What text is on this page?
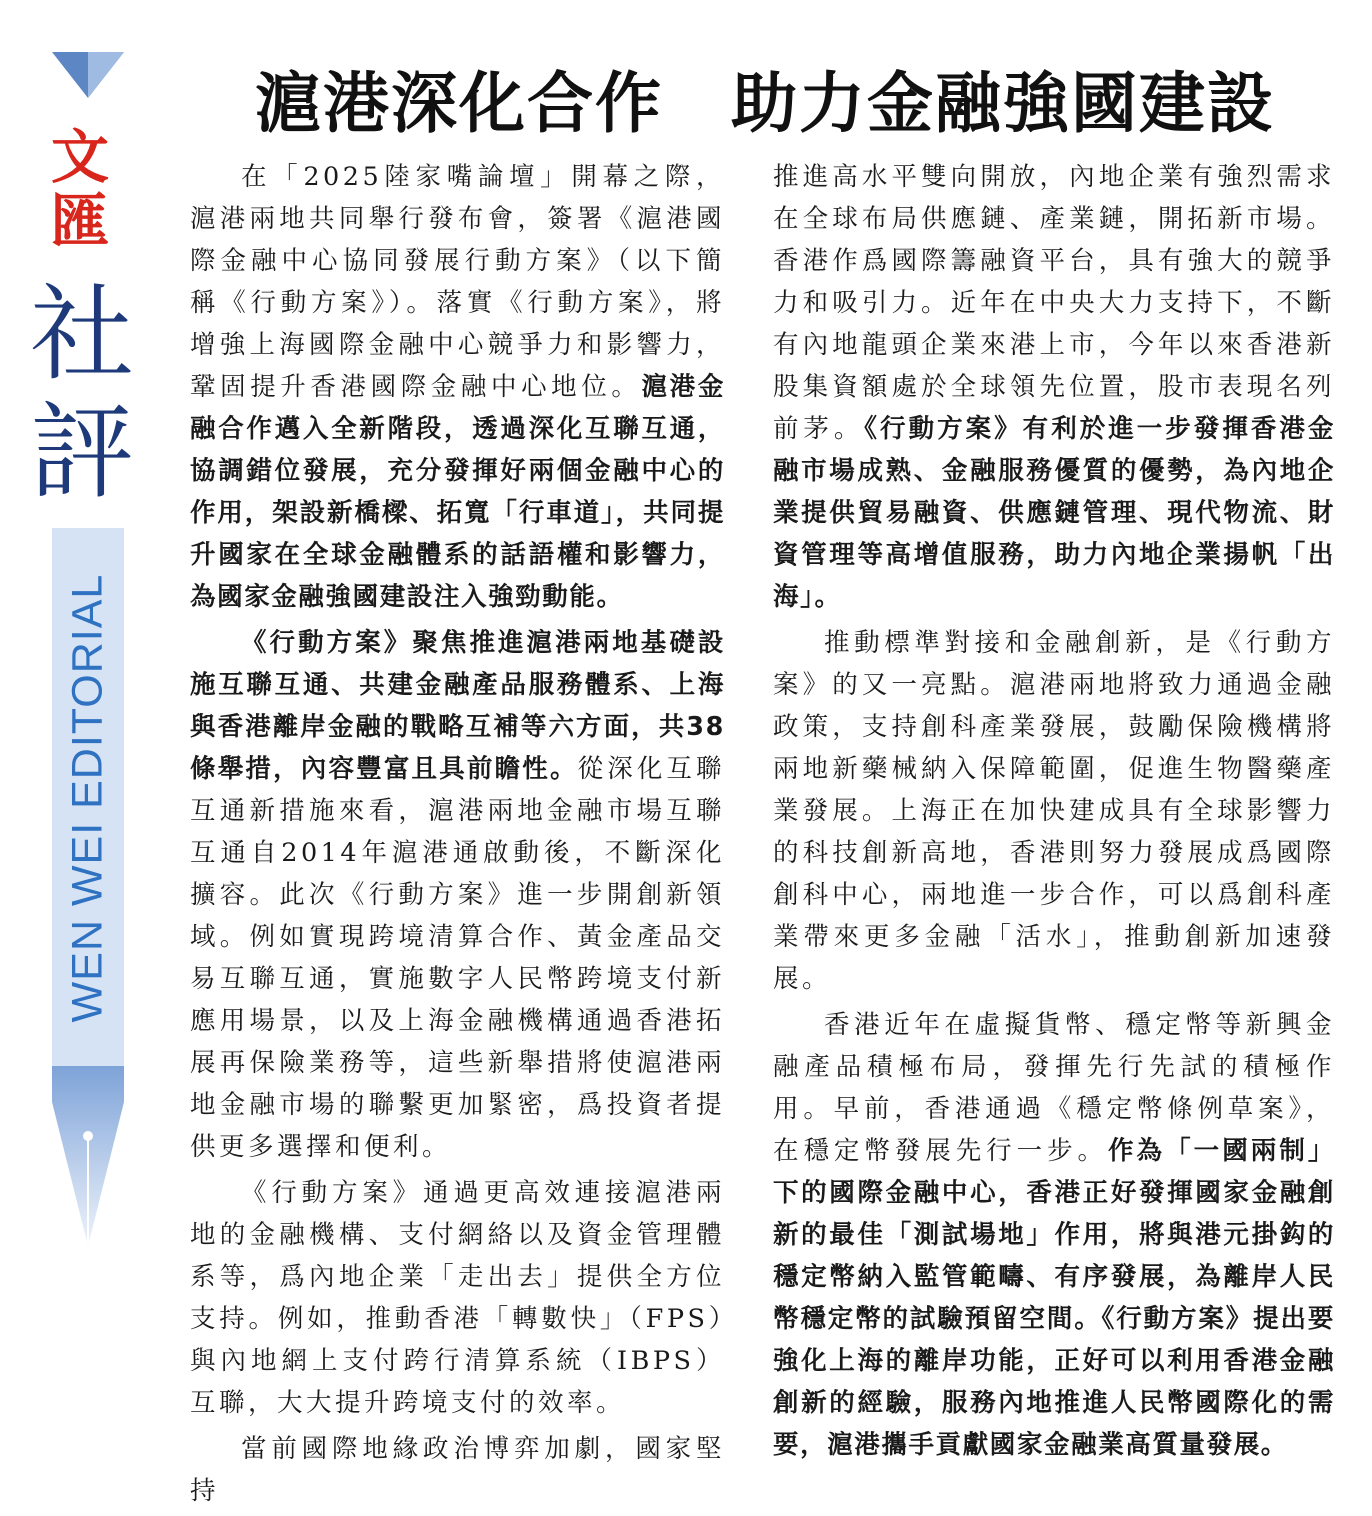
文
匯
社
評
WEN WEI EDITORIAL
滬港深化合作　助力金融強國建設

在「2025陸家嘴論壇」開幕之際，滬港兩地共同舉行發布會，簽署《滬港國際金融中心協同發展行動方案》（以下簡稱《行動方案》）。落實《行動方案》，將增強上海國際金融中心競爭力和影響力，鞏固提升香港國際金融中心地位。滬港金融合作邁入全新階段，透過深化互聯互通，協調錯位發展，充分發揮好兩個金融中心的作用，架設新橋樑、拓寬「行車道」，共同提升國家在全球金融體系的話語權和影響力，為國家金融強國建設注入強勁動能。

《行動方案》聚焦推進滬港兩地基礎設施互聯互通、共建金融產品服務體系、上海與香港離岸金融的戰略互補等六方面，共38條舉措，內容豐富且具前瞻性。從深化互聯互通新措施來看，滬港兩地金融市場互聯互通自2014年滬港通啟動後，不斷深化擴容。此次《行動方案》進一步開創新領域。例如實現跨境清算合作、黃金產品交易互聯互通，實施數字人民幣跨境支付新應用場景，以及上海金融機構通過香港拓展再保險業務等，這些新舉措將使滬港兩地金融市場的聯繫更加緊密，爲投資者提供更多選擇和便利。

《行動方案》通過更高效連接滬港兩地的金融機構、支付網絡以及資金管理體系等，爲內地企業「走出去」提供全方位支持。例如，推動香港「轉數快」（FPS）與內地網上支付跨行清算系統（IBPS）互聯，大大提升跨境支付的效率。

當前國際地緣政治博弈加劇，國家堅持

推進高水平雙向開放，內地企業有強烈需求在全球布局供應鏈、產業鏈，開拓新市場。香港作爲國際籌融資平台，具有強大的競爭力和吸引力。近年在中央大力支持下，不斷有內地龍頭企業來港上市，今年以來香港新股集資額處於全球領先位置，股市表現名列前茅。《行動方案》有利於進一步發揮香港金融市場成熟、金融服務優質的優勢，為內地企業提供貿易融資、供應鏈管理、現代物流、財資管理等高增值服務，助力內地企業揚帆「出海」。

推動標準對接和金融創新，是《行動方案》的又一亮點。滬港兩地將致力通過金融政策，支持創科產業發展，鼓勵保險機構將兩地新藥械納入保障範圍，促進生物醫藥產業發展。上海正在加快建成具有全球影響力的科技創新高地，香港則努力發展成爲國際創科中心，兩地進一步合作，可以爲創科產業帶來更多金融「活水」，推動創新加速發展。

香港近年在虛擬貨幣、穩定幣等新興金融產品積極布局，發揮先行先試的積極作用。早前，香港通過《穩定幣條例草案》，在穩定幣發展先行一步。作為「一國兩制」下的國際金融中心，香港正好發揮國家金融創新的最佳「測試場地」作用，將與港元掛鈎的穩定幣納入監管範疇、有序發展，為離岸人民幣穩定幣的試驗預留空間。《行動方案》提出要強化上海的離岸功能，正好可以利用香港金融創新的經驗，服務內地推進人民幣國際化的需要，滬港攜手貢獻國家金融業高質量發展。
